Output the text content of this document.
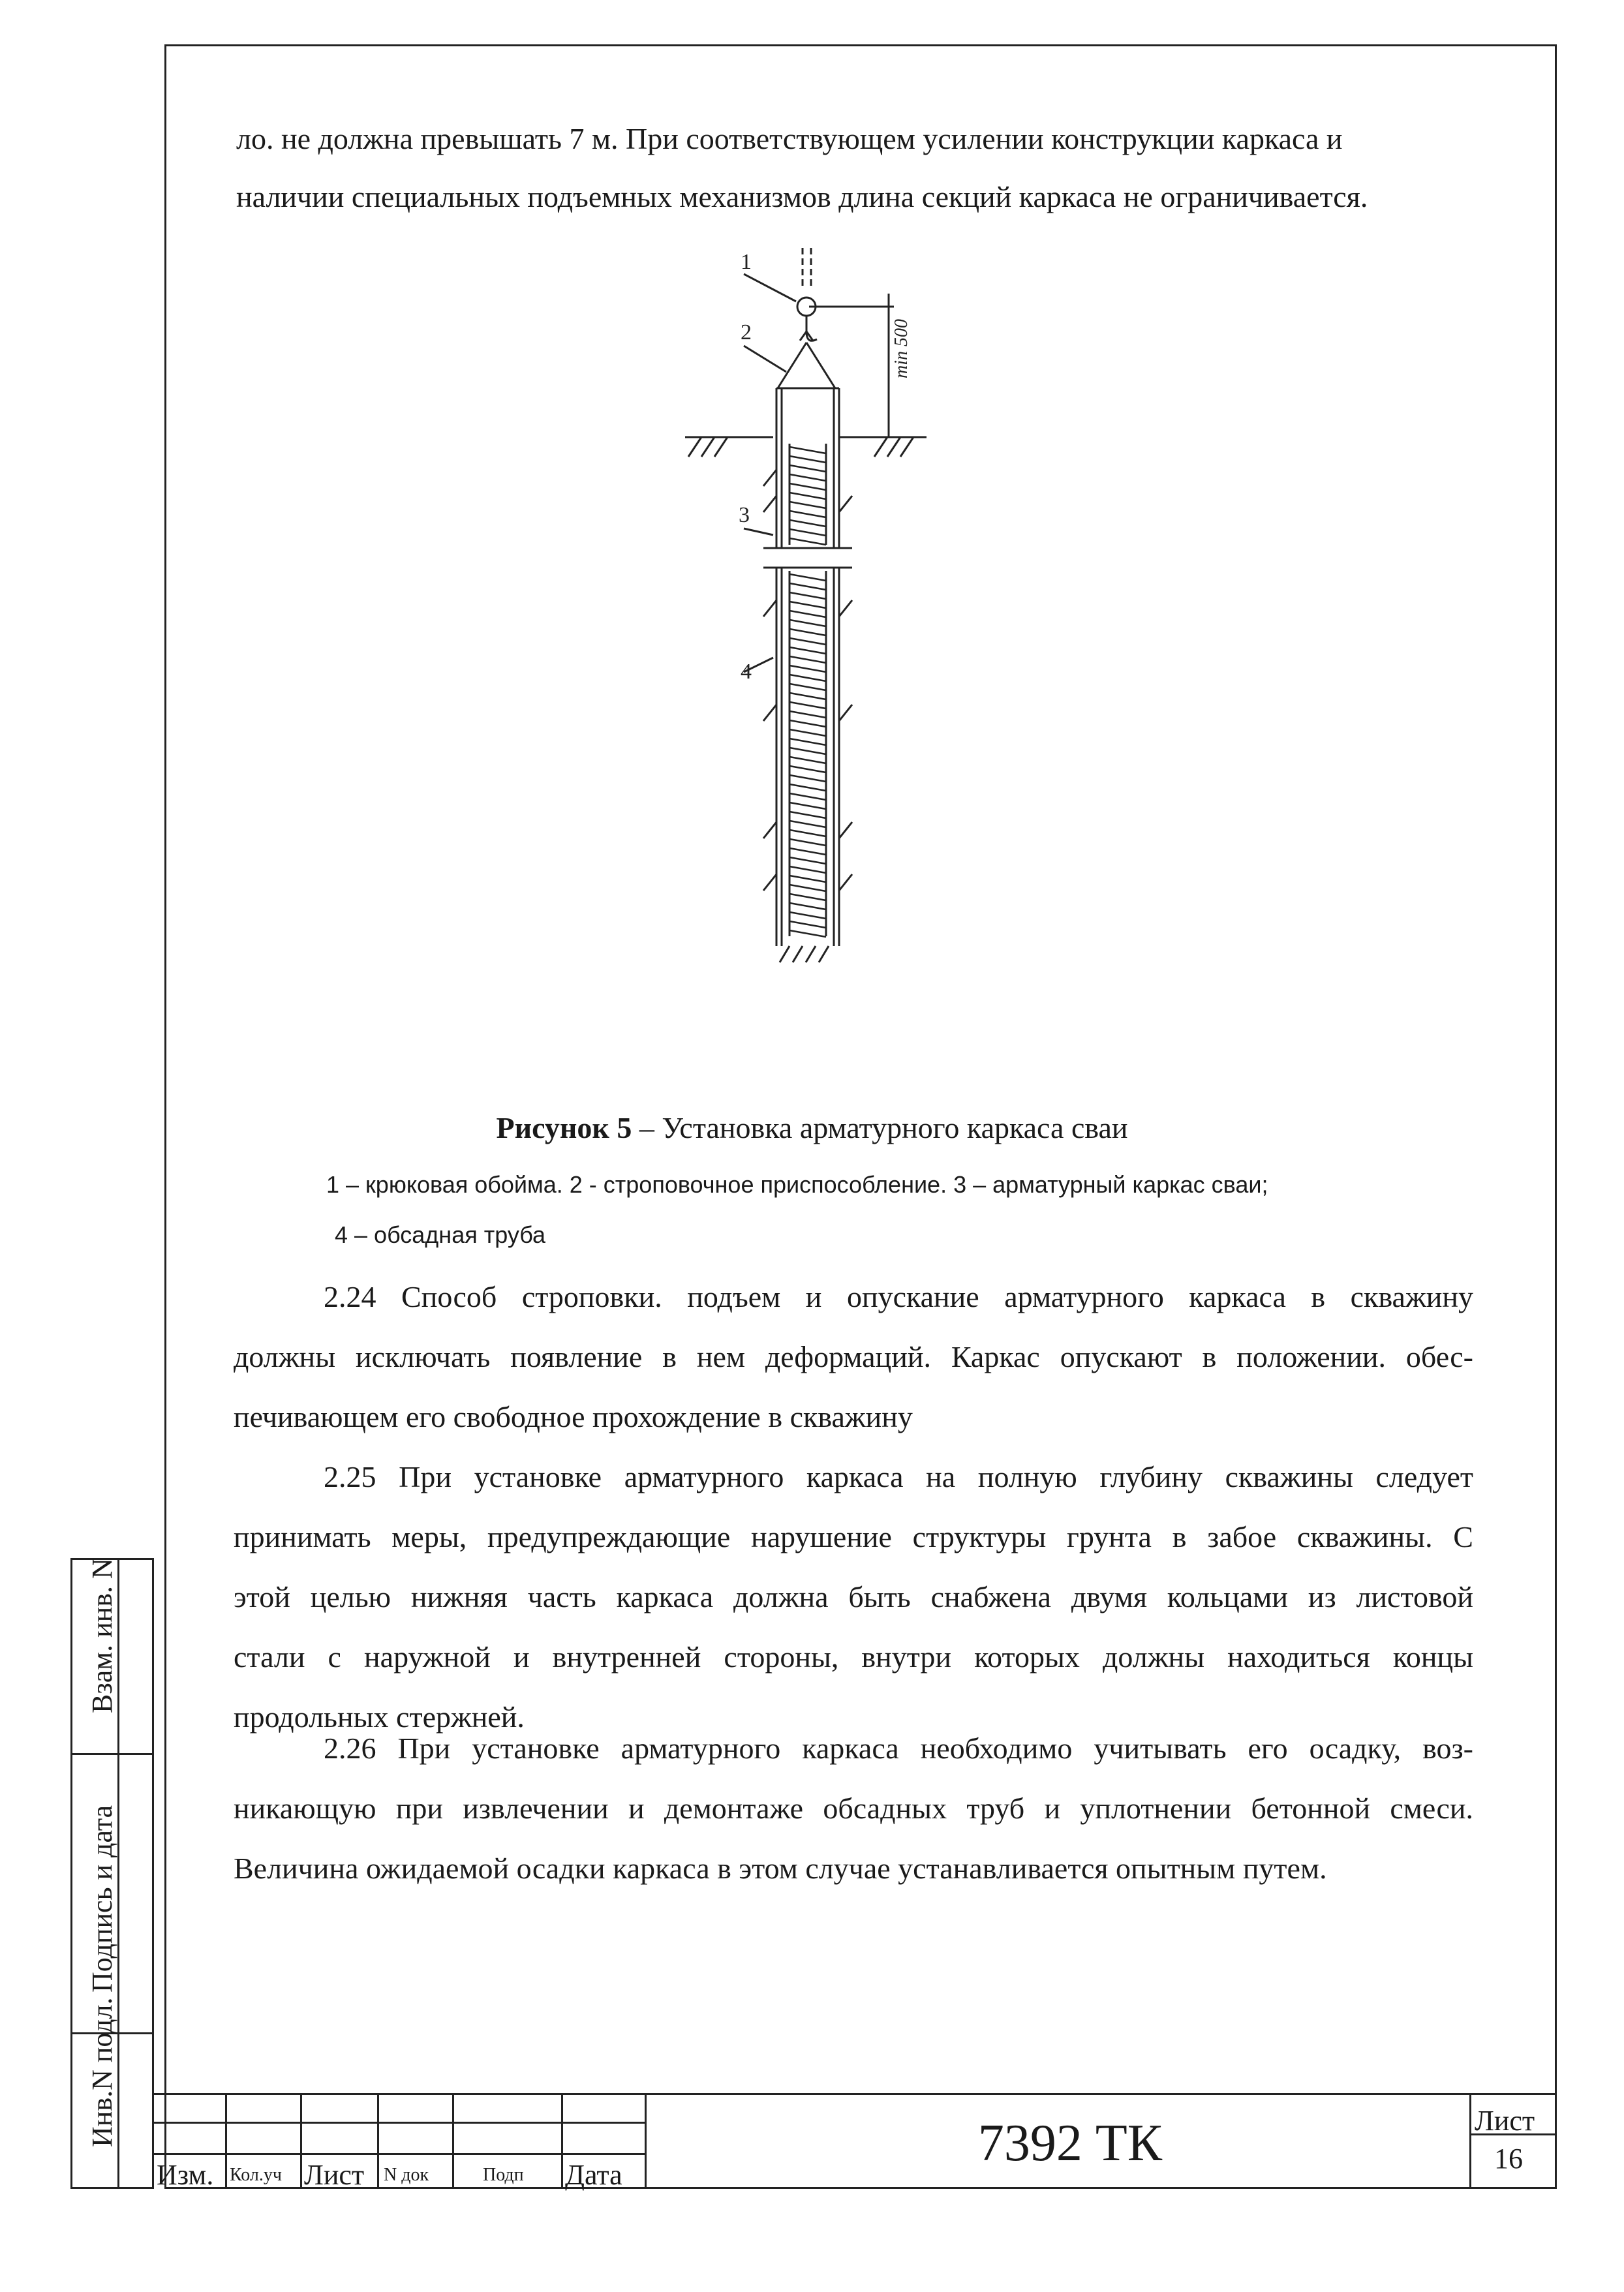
ло. не должна превышать 7 м. При соответствующем усилении конструкции каркаса и
наличии специальных подъемных механизмов длина секций каркаса не ограничивается.
1
2
3
4
min 500
Рисунок 5 – Установка арматурного каркаса сваи
1 – крюковая обойма. 2 - строповочное приспособление. 3 – арматурный каркас сваи;
4 – обсадная труба
2.24 Способ строповки. подъем и опускание арматурного каркаса в скважину
должны исключать появление в нем деформаций. Каркас опускают в положении. обес-
печивающем его свободное прохождение в скважину
2.25 При установке арматурного каркаса на полную глубину скважины следует
принимать меры, предупреждающие нарушение структуры грунта в забое скважины. С
этой целью нижняя часть каркаса должна быть снабжена двумя кольцами из листовой
стали с наружной и внутренней стороны, внутри которых должны находиться концы
продольных стержней.
2.26 При установке арматурного каркаса необходимо учитывать его осадку, воз-
никающую при извлечении и демонтаже обсадных труб и уплотнении бетонной смеси.
Величина ожидаемой осадки каркаса в этом случае устанавливается опытным путем.
Взам. инв. N
Подпись и дата
Инв.N подл.
Изм. Кол.уч Лист N док	Подп Дата
7392 ТК	Лист
16
